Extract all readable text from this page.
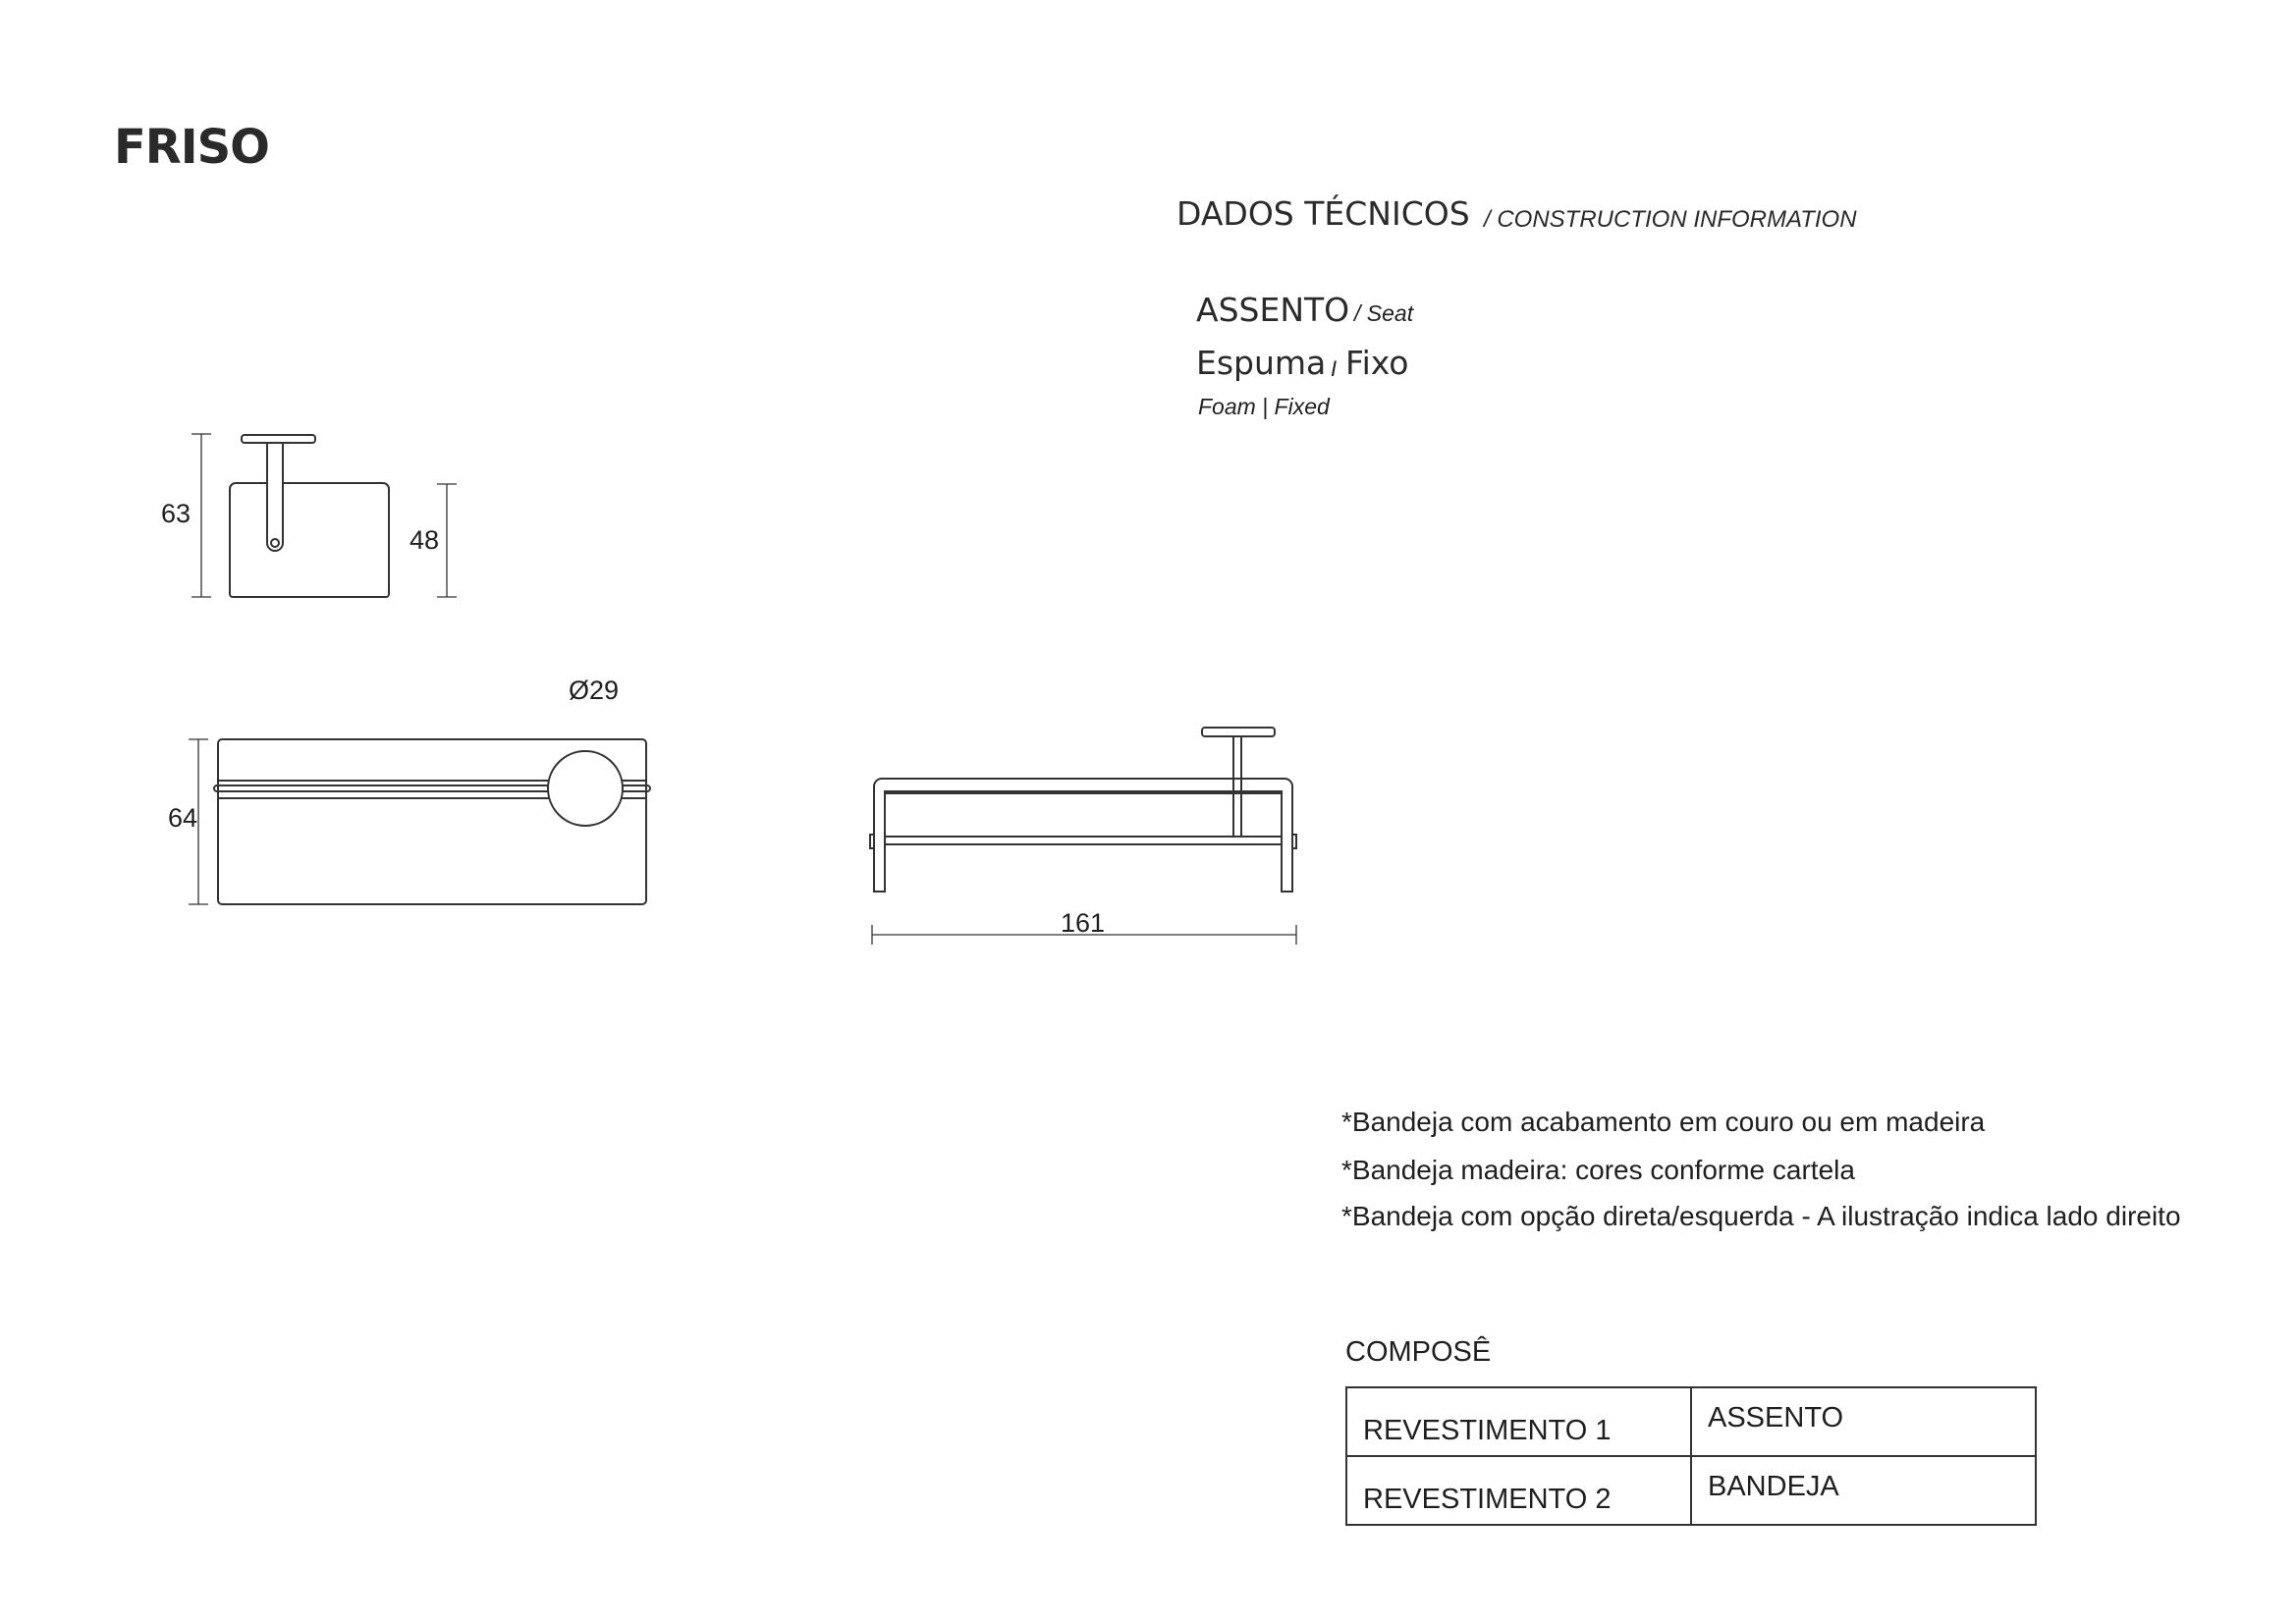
FRISO
DADOS TÉCNICOS / CONSTRUCTION INFORMATION
ASSENTO / Seat
Espuma I Fixo
Foam | Fixed
63
48
Ø29
64
161
*Bandeja com acabamento em couro ou em madeira
*Bandeja madeira: cores conforme cartela
*Bandeja com opção direta/esquerda - A ilustração indica lado direito
COMPOSÊ
REVESTIMENTO 1	ASSENTO
REVESTIMENTO 2	BANDEJA
